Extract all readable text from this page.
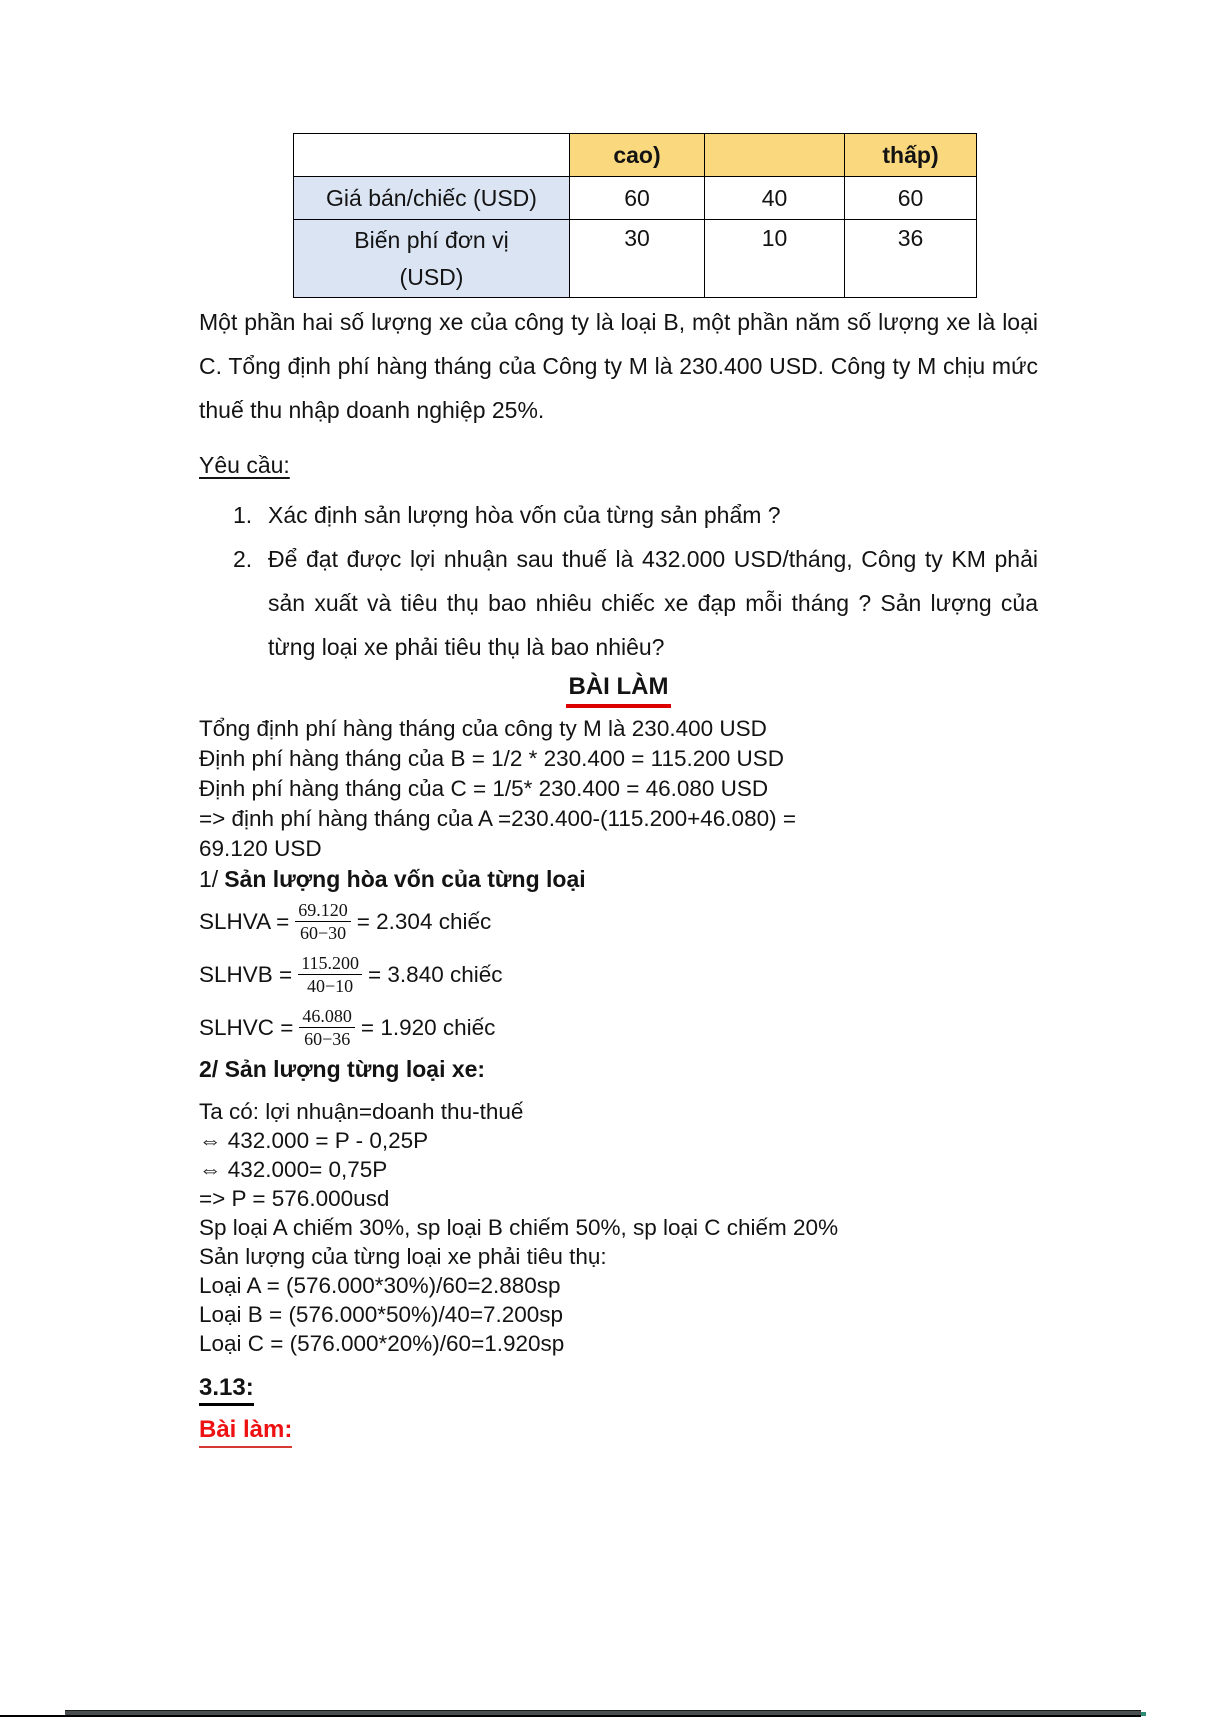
	cao)		thấp)
Giá bán/chiếc (USD)	60	40	60

Biến phí đơn vị
(USD)	30	10	36

Một phần hai số lượng xe của công ty là loại B, một phần năm số lượng xe là loại C. Tổng định phí hàng tháng của Công ty M là 230.400 USD. Công ty M chịu mức thuế thu nhập doanh nghiệp 25%.

Yêu cầu:
1. Xác định sản lượng hòa vốn của từng sản phẩm ?
2. Để đạt được lợi nhuận sau thuế là 432.000 USD/tháng, Công ty KM phải sản xuất và tiêu thụ bao nhiêu chiếc xe đạp mỗi tháng ? Sản lượng của từng loại xe phải tiêu thụ là bao nhiêu?
BÀI LÀM
Tổng định phí hàng tháng của công ty M là 230.400 USD
Định phí hàng tháng của B = 1/2 * 230.400 = 115.200 USD
Định phí hàng tháng của C = 1/5* 230.400 = 46.080 USD
=> định phí hàng tháng của A =230.400-(115.200+46.080) =
69.120 USD
1/ Sản lượng hòa vốn của từng loại
SLHVA = $\frac{69.120}{60-30} = 2.304$ chiếc
SLHVB = $\frac{115.200}{40-10} = 3.840$ chiếc
SLHVC = $\frac{46.080}{60-36} = 1.920$ chiếc
2/ Sản lượng từng loại xe:
Ta có: lợi nhuận=doanh thu-thuế
⇔ 432.000 = P - 0,25P
⇔ 432.000= 0,75P
=> P = 576.000usd
Sp loại A chiếm 30%, sp loại B chiếm 50%, sp loại C chiếm 20%
Sản lượng của từng loại xe phải tiêu thụ:
Loại A = (576.000*30%)/60=2.880sp
Loại B = (576.000*50%)/40=7.200sp
Loại C = (576.000*20%)/60=1.920sp
3.13:
Bài làm:
